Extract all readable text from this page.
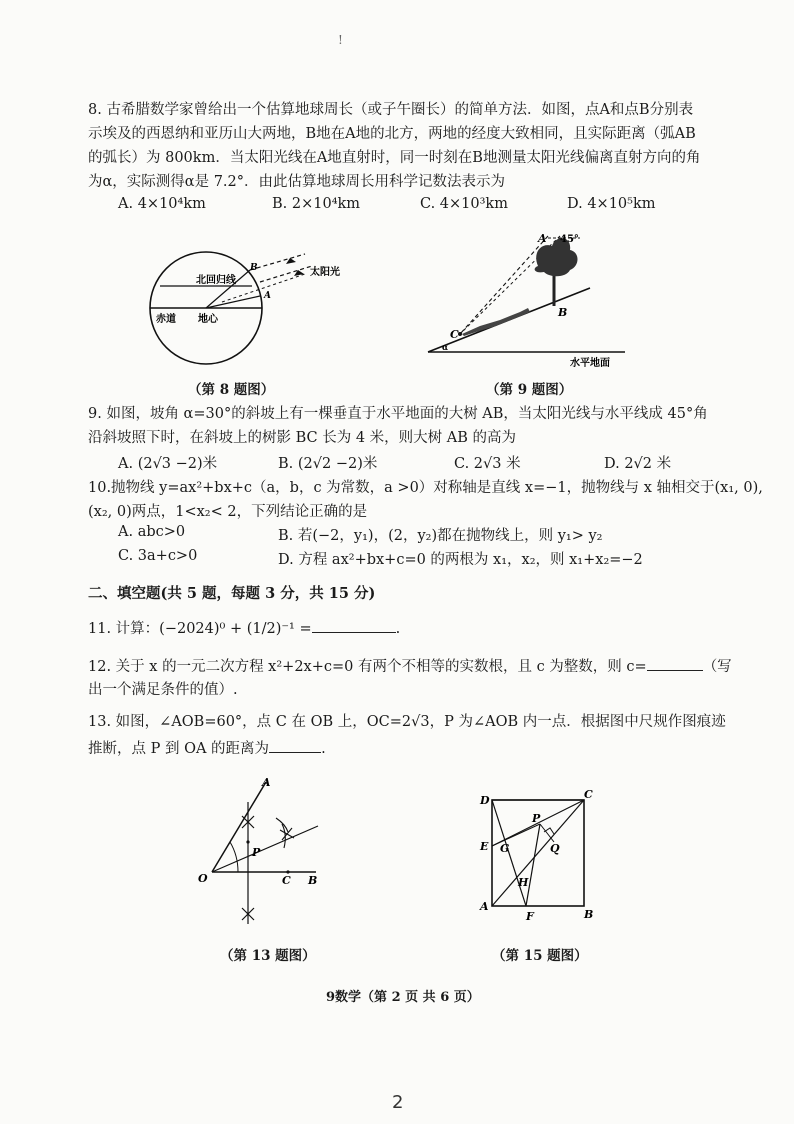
!
8. 古希腊数学家曾给出一个估算地球周长（或子午圈长）的简单方法．如图，点A和点B分别表
示埃及的西恩纳和亚历山大两地，B地在A地的北方，两地的经度大致相同，且实际距离（弧AB
的弧长）为 800km．当太阳光线在A地直射时，同一时刻在B地测量太阳光线偏离直射方向的角
为α，实际测得α是 7.2°．由此估算地球周长用科学记数法表示为
A. 4×10⁴km	B. 2×10⁴km	C. 4×10³km	D. 4×10⁵km
北回归线
赤道 地心
太阳光
B
A
（第 8 题图）
A 45°
B
C
α
水平地面
（第 9 题图）
9. 如图，坡角 α=30°的斜坡上有一棵垂直于水平地面的大树 AB，当太阳光线与水平线成 45°角
沿斜坡照下时，在斜坡上的树影 BC 长为 4 米，则大树 AB 的高为
A. (2√3 −2)米	B. (2√2 −2)米	C. 2√3 米	D. 2√2 米
10.抛物线 y=ax²+bx+c（a，b，c 为常数，a >0）对称轴是直线 x=−1，抛物线与 x 轴相交于(x₁, 0),
(x₂, 0)两点，1<x₂< 2，下列结论正确的是
A. abc>0	B. 若(−2，y₁)，(2，y₂)都在抛物线上，则 y₁> y₂
C. 3a+c>0	D. 方程 ax²+bx+c=0 的两根为 x₁，x₂，则 x₁+x₂=−2
二、填空题(共 5 题，每题 3 分，共 15 分)
11. 计算：(−2024)⁰ + (1/2)⁻¹ =	.
12. 关于 x 的一元二次方程 x²+2x+c=0 有两个不相等的实数根，且 c 为整数，则 c=	（写
出一个满足条件的值）.
13. 如图，∠AOB=60°，点 C 在 OB 上，OC=2√3，P 为∠AOB 内一点．根据图中尺规作图痕迹
推断，点 P 到 OA 的距离为	.
A
O
P
C B
（第 13 题图）
D	C
E G
P
Q
H
A
F	B
（第 15 题图）
9数学（第 2 页 共 6 页）
2
